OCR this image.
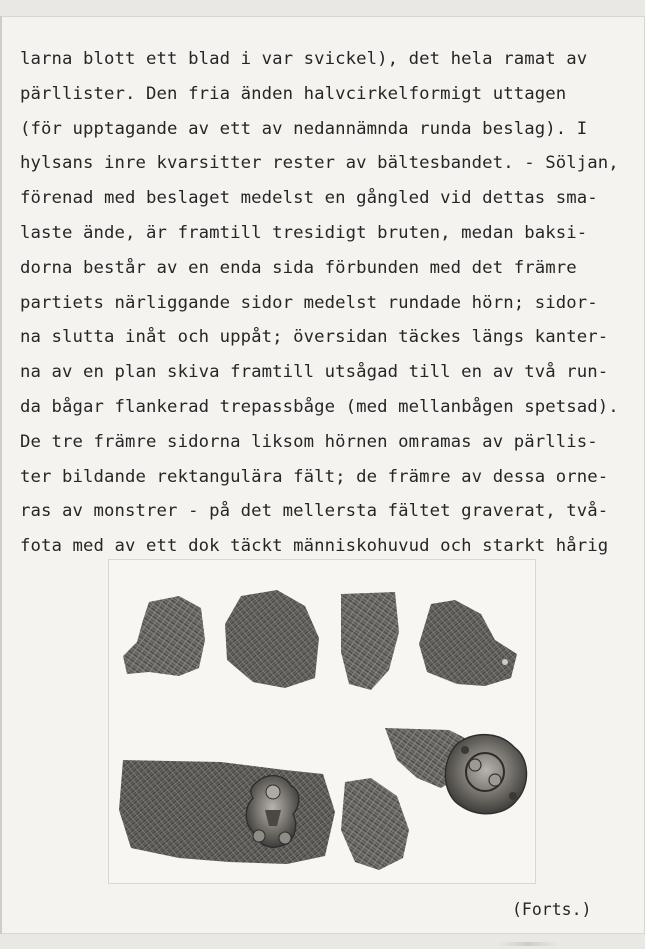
larna blott ett blad i var svickel), det hela ramat av
pärllister. Den fria änden halvcirkelformigt uttagen
(för upptagande av ett av nedannämnda runda beslag). I
hylsans inre kvarsitter rester av bältesbandet. - Söljan,
förenad med beslaget medelst en gångled vid dettas sma-
laste ände, är framtill tresidigt bruten, medan baksi-
dorna består av en enda sida förbunden med det främre
partiets närliggande sidor medelst rundade hörn; sidor-
na slutta inåt och uppåt; översidan täckes längs kanter-
na av en plan skiva framtill utsågad till en av två run-
da bågar flankerad trepassbåge (med mellanbågen spetsad).
De tre främre sidorna liksom hörnen omramas av pärllis-
ter bildande rektangulära fält; de främre av dessa orne-
ras av monstrer - på det mellersta fältet graverat, två-
fota med av ett dok täckt människohuvud och starkt hårig
(Forts.)
